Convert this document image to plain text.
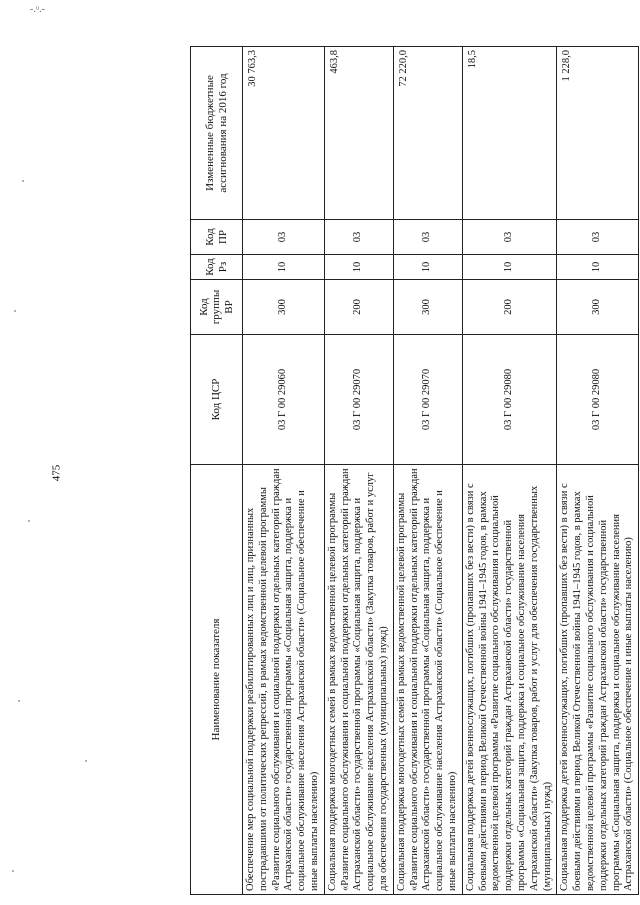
-.ᵘ.-
475
Наименование показателя	Код ЦСР	Код группы ВР	Код Рз	Код ПР	Измененные бюджетные ассигнования на 2016 год
Обеспечение мер социальной поддержки реабилитированных лиц и лиц, признанных пострадавшими от политических репрессий, в рамках ведомственной целевой программы «Развитие социального обслуживания и социальной поддержки отдельных категорий граждан Астраханской области» государственной программы «Социальная защита, поддержка и социальное обслуживание населения Астраханской области» (Социальное обеспечение и иные выплаты населению)	03 Г 00 29060	300	10	03	30 763,3
Социальная поддержка многодетных семей в рамках ведомственной целевой программы «Развитие социального обслуживания и социальной поддержки отдельных категорий граждан Астраханской области» государственной программы «Социальная защита, поддержка и социальное обслуживание населения Астраханской области» (Закупка товаров, работ и услуг для обеспечения государственных (муниципальных) нужд)	03 Г 00 29070	200	10	03	463,8
Социальная поддержка многодетных семей в рамках ведомственной целевой программы «Развитие социального обслуживания и социальной поддержки отдельных категорий граждан Астраханской области» государственной программы «Социальная защита, поддержка и социальное обслуживание населения Астраханской области» (Социальное обеспечение и иные выплаты населению)	03 Г 00 29070	300	10	03	72 220,0
Социальная поддержка детей военнослужащих, погибших (пропавших без вести) в связи с боевыми действиями в период Великой Отечественной войны 1941–1945 годов, в рамках ведомственной целевой программы «Развитие социального обслуживания и социальной поддержки отдельных категорий граждан Астраханской области» государственной программы «Социальная защита, поддержка и социальное обслуживание населения Астраханской области» (Закупка товаров, работ и услуг для обеспечения государственных (муниципальных) нужд)	03 Г 00 29080	200	10	03	18,5
Социальная поддержка детей военнослужащих, погибших (пропавших без вести) в связи с боевыми действиями в период Великой Отечественной войны 1941–1945 годов, в рамках ведомственной целевой программы «Развитие социального обслуживания и социальной поддержки отдельных категорий граждан Астраханской области» государственной программы «Социальная защита, поддержка и социальное обслуживание населения Астраханской области» (Социальное обеспечение и иные выплаты населению)	03 Г 00 29080	300	10	03	1 228,0
